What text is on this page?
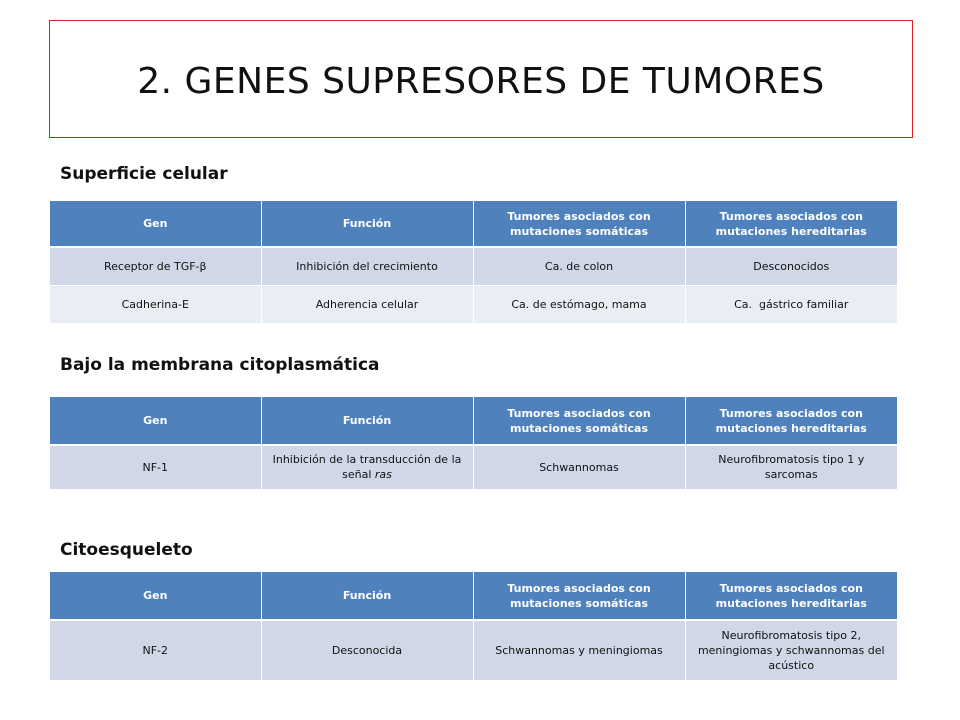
2. GENES SUPRESORES DE TUMORES
Superficie celular
Gen	Función	Tumores asociados con mutaciones somáticas	Tumores asociados con mutaciones hereditarias
Receptor de TGF-β	Inhibición del crecimiento	Ca. de colon	Desconocidos
Cadherina-E	Adherencia celular	Ca. de estómago, mama	Ca.  gástrico familiar
Bajo la membrana citoplasmática
Gen	Función	Tumores asociados con mutaciones somáticas	Tumores asociados con mutaciones hereditarias
NF-1	Inhibición de la transducción de la señal ras	Schwannomas	Neurofibromatosis tipo 1 y sarcomas
Citoesqueleto
Gen	Función	Tumores asociados con mutaciones somáticas	Tumores asociados con mutaciones hereditarias
NF-2	Desconocida	Schwannomas y meningiomas	Neurofibromatosis tipo 2, meningiomas y schwannomas del acústico
